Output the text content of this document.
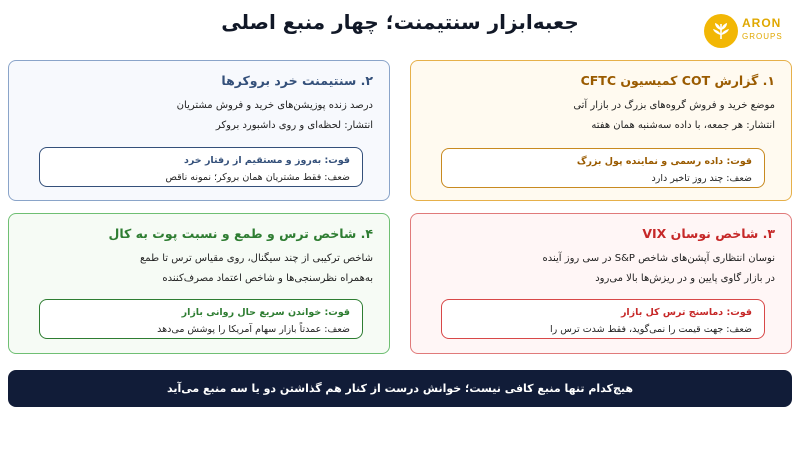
جعبه‌ابزار سنتیمنت؛ چهار منبع اصلی	ARON
GROUPS
۱. گزارش COT کمیسیون CFTC
موضع خرید و فروش گروه‌های بزرگ در بازار آتی
انتشار: هر جمعه، با داده سه‌شنبه همان هفته
قوت: داده رسمی و نماینده پول بزرگ
ضعف: چند روز تاخیر دارد
۲. سنتیمنت خرد بروکرها
درصد زنده پوزیشن‌های خرید و فروش مشتریان
انتشار: لحظه‌ای و روی داشبورد بروکر
قوت: به‌روز و مستقیم از رفتار خرد
ضعف: فقط مشتریان همان بروکر؛ نمونه ناقص
۳. شاخص نوسان VIX
نوسان انتظاری آپشن‌های شاخص S&P در سی روز آینده
در بازار گاوی پایین و در ریزش‌ها بالا می‌رود
قوت: دماسنج ترس کل بازار
ضعف: جهت قیمت را نمی‌گوید، فقط شدت ترس را
۴. شاخص ترس و طمع و نسبت پوت به کال
شاخص ترکیبی از چند سیگنال، روی مقیاس ترس تا طمع
به‌همراه نظرسنجی‌ها و شاخص اعتماد مصرف‌کننده
قوت: خواندن سریع حال روانی بازار
ضعف: عمدتاً بازار سهام آمریکا را پوشش می‌دهد
هیچ‌کدام تنها منبع کافی نیست؛ خوانش درست از کنار هم گذاشتن دو یا سه منبع می‌آید
